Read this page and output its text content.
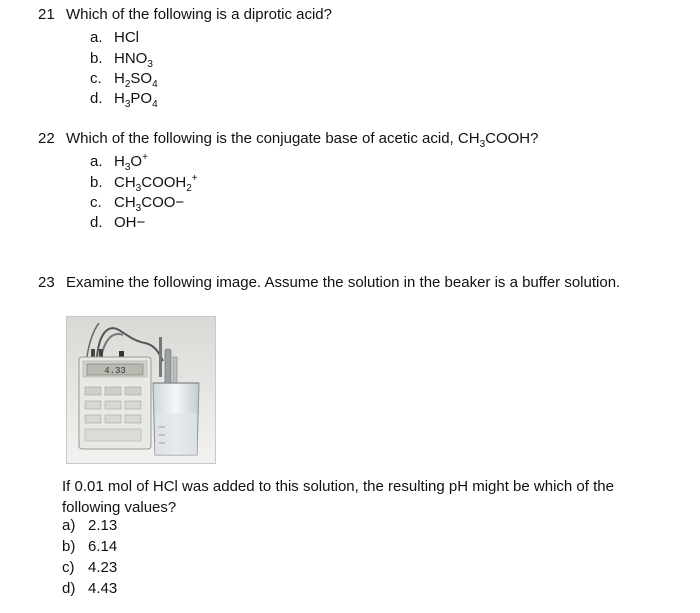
21 Which of the following is a diprotic acid?
a. HCl
b. $HNO_3$
c. $H_2SO_4$
d. $H_3PO_4$
22 Which of the following is the conjugate base of acetic acid, $CH_3COOH$?
a. $H_3O^+$
b. $CH_3COOH_2^+$
c. $CH_3COO-$
d. OH−
23 Examine the following image. Assume the solution in the beaker is a buffer solution.
4.33
If 0.01 mol of HCl was added to this solution, the resulting pH might be which of the following values?
a) 2.13
b) 6.14
c) 4.23
d) 4.43
